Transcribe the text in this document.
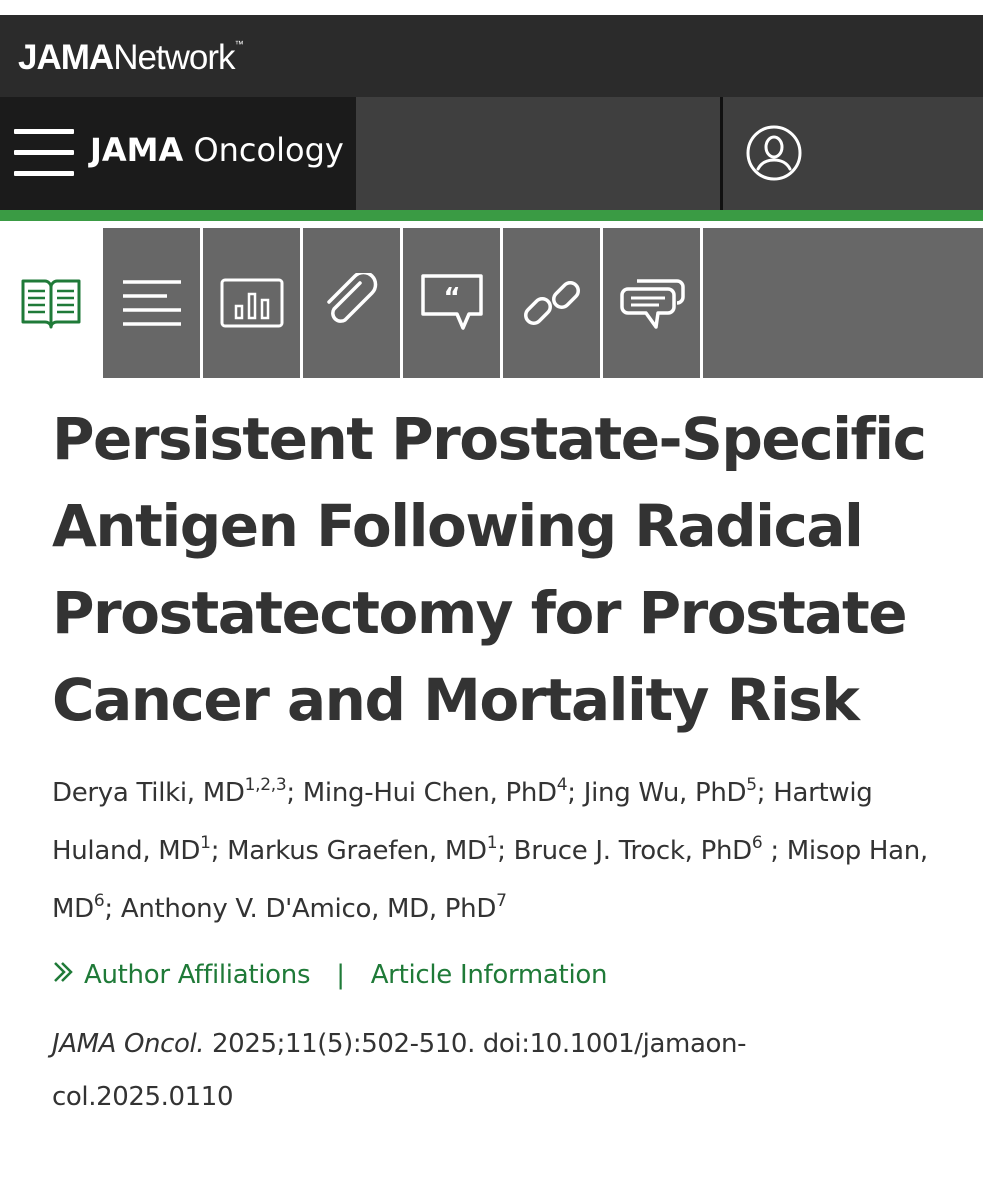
JAMANetwork™
JAMA Oncology
“
Persistent Prostate-Specific Antigen Following Radical Prostatectomy for Prostate Cancer and Mortality Risk

Derya Tilki, MD$^{1,2,3}$; Ming-Hui Chen, PhD$^4$; Jing Wu, PhD$^5$; Hartwig Huland, $MD^1$; Markus Graefen, $MD^1$; Bruce J. Trock, PhD$^6$ ; Misop Han, $MD^6$; Anthony V. D'Amico, MD, PhD$^7$

Author Affiliations | Article Information

JAMA Oncol. 2025;11(5):502-510. doi:10.1001/jamaoncol.2025.0110
